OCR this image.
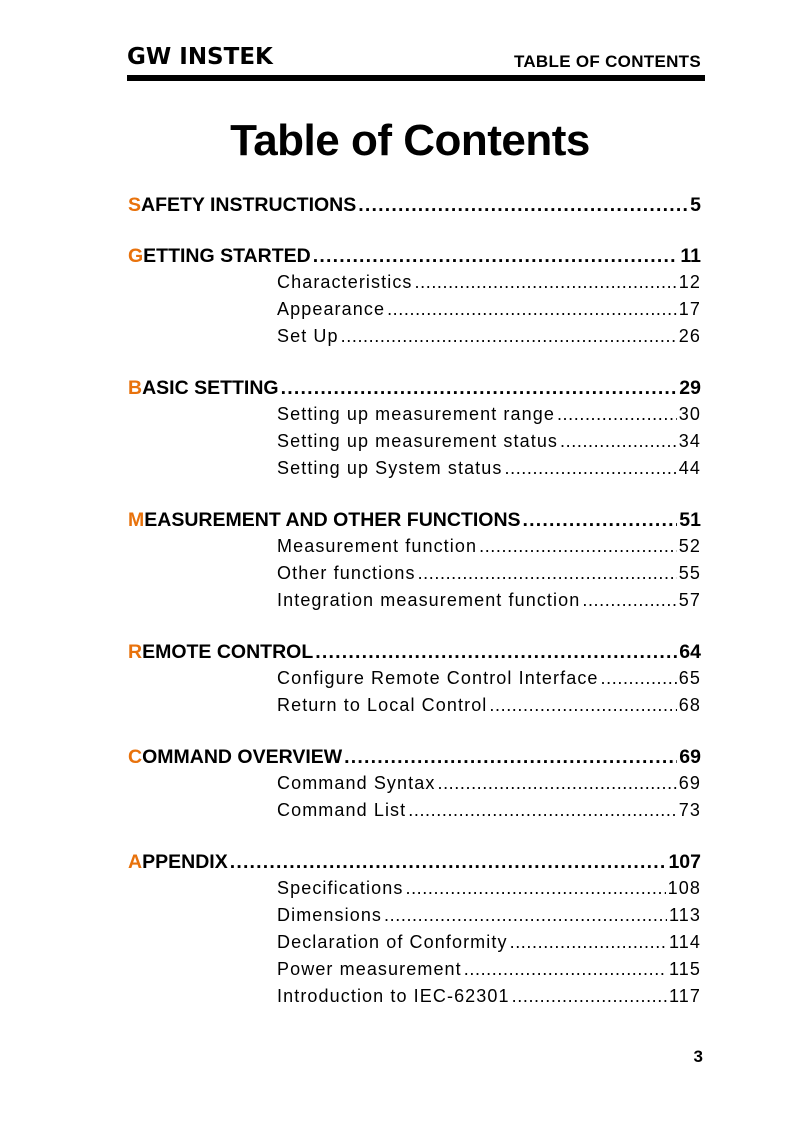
GW INSTEK	TABLE OF CONTENTS
Table of Contents
SAFETY INSTRUCTIONS .....	5
GETTING STARTED .....	11
Characteristics .....	12
Appearance .....	17
Set Up .....	26
BASIC SETTING .....	29
Setting up measurement range .....	30
Setting up measurement status .....	34
Setting up System status .....	44
MEASUREMENT AND OTHER FUNCTIONS .....	51
Measurement function .....	52
Other functions .....	55
Integration measurement function .....	57
REMOTE CONTROL .....	64
Configure Remote Control Interface .....	65
Return to Local Control .....	68
COMMAND OVERVIEW .....	69
Command Syntax .....	69
Command List .....	73
APPENDIX .....	107
Specifications .....	108
Dimensions .....	113
Declaration of Conformity .....	114
Power measurement .....	115
Introduction to IEC-62301 .....	117
3
